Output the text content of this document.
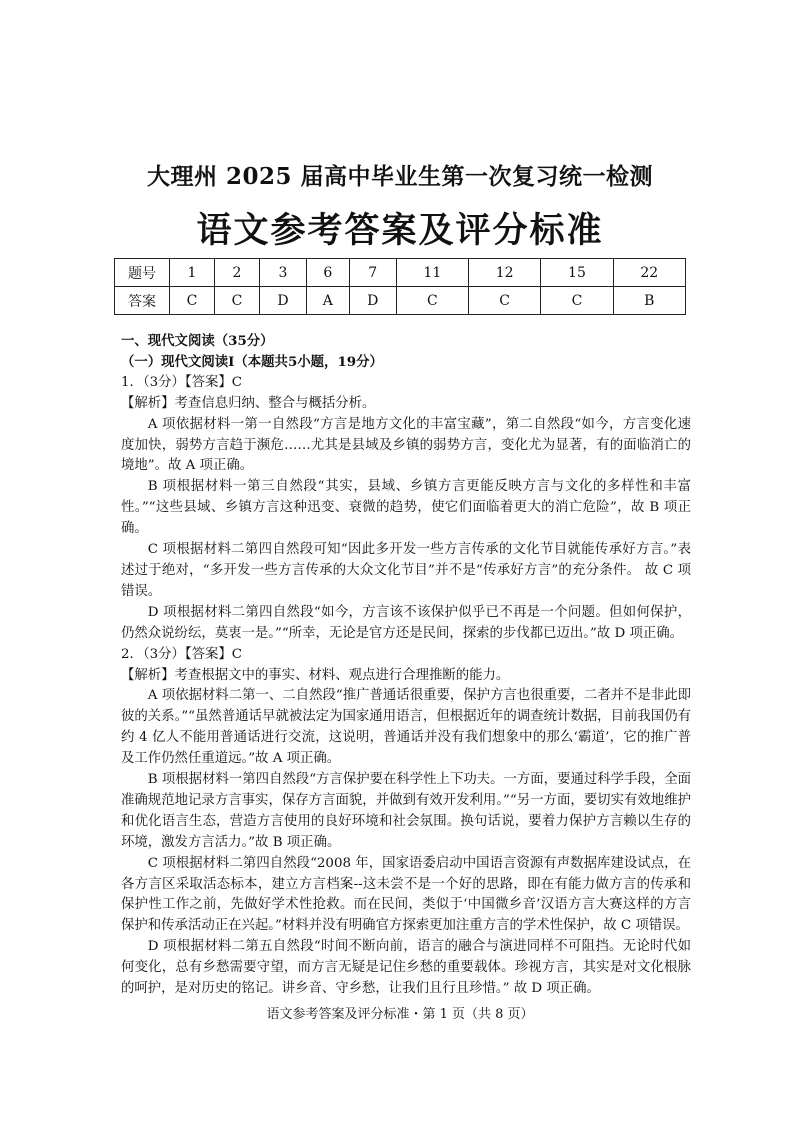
大理州 2025 届高中毕业生第一次复习统一检测
语文参考答案及评分标准
题号	1	2	3	6	7	11	12	15	22
答案	C	C	D	A	D	C	C	C	B

一、现代文阅读（35分）

（一）现代文阅读Ⅰ（本题共5小题，19分）

1．（3分）【答案】C

【解析】考查信息归纳、整合与概括分析。

A 项依据材料一第一自然段“方言是地方文化的丰富宝藏”，第二自然段“如今，方言变化速度加快，弱势方言趋于濒危……尤其是县域及乡镇的弱势方言，变化尤为显著，有的面临消亡的境地”。故 A 项正确。

B 项根据材料一第三自然段“其实，县域、乡镇方言更能反映方言与文化的多样性和丰富性。”“这些县域、乡镇方言这种迅变、衰微的趋势，使它们面临着更大的消亡危险”，故 B 项正确。

C 项根据材料二第四自然段可知“因此多开发一些方言传承的文化节目就能传承好方言。”表述过于绝对，“多开发一些方言传承的大众文化节目”并不是“传承好方言”的充分条件。 故 C 项错误。

D 项根据材料二第四自然段“如今，方言该不该保护似乎已不再是一个问题。但如何保护，仍然众说纷纭，莫衷一是。”“所幸，无论是官方还是民间，探索的步伐都已迈出。”故 D 项正确。

2．（3分）【答案】C

【解析】考查根据文中的事实、材料、观点进行合理推断的能力。

A 项依据材料二第一、二自然段“推广普通话很重要，保护方言也很重要，二者并不是非此即彼的关系。”“虽然普通话早就被法定为国家通用语言，但根据近年的调查统计数据，目前我国仍有约 4 亿人不能用普通话进行交流，这说明，普通话并没有我们想象中的那么‘霸道’，它的推广普及工作仍然任重道远。”故 A 项正确。

B 项根据材料一第四自然段“方言保护要在科学性上下功夫。一方面，要通过科学手段，全面准确规范地记录方言事实，保存方言面貌，并做到有效开发利用。”“另一方面，要切实有效地维护和优化语言生态，营造方言使用的良好环境和社会氛围。换句话说，要着力保护方言赖以生存的环境，激发方言活力。”故 B 项正确。

C 项根据材料二第四自然段“2008 年，国家语委启动中国语言资源有声数据库建设试点，在各方言区采取活态标本，建立方言档案--这未尝不是一个好的思路，即在有能力做方言的传承和保护性工作之前，先做好学术性抢救。而在民间，类似于‘中国微乡音’汉语方言大赛这样的方言保护和传承活动正在兴起。”材料并没有明确官方探索更加注重方言的学术性保护，故 C 项错误。

D 项根据材料二第五自然段“时间不断向前，语言的融合与演进同样不可阻挡。无论时代如何变化，总有乡愁需要守望，而方言无疑是记住乡愁的重要载体。珍视方言，其实是对文化根脉的呵护，是对历史的铭记。讲乡音、守乡愁，让我们且行且珍惜。” 故 D 项正确。

语文参考答案及评分标准・第 1 页（共 8 页）
